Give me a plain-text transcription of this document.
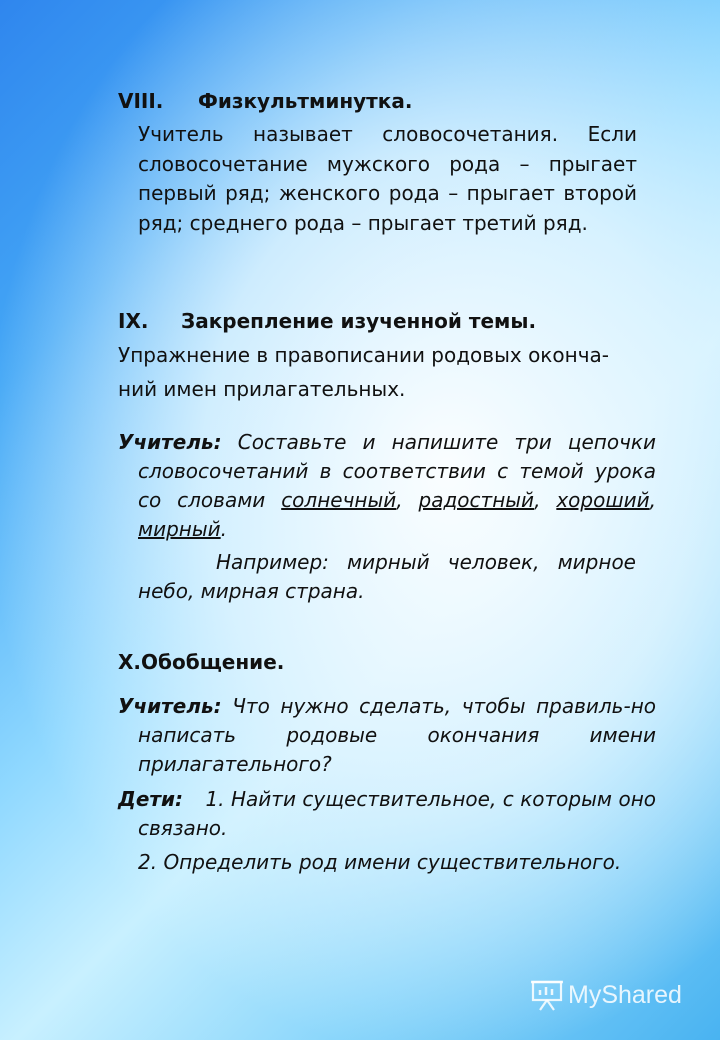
VIII. Физкультминутка.

Учитель называет словосочетания. Если словосочетание мужского рода – прыгает первый ряд; женского рода – прыгает второй ряд; среднего рода – прыгает третий ряд.

IX. Закрепление изученной темы.
Упражнение в правописании родовых оконча-
ний имен прилагательных.
Учитель: Составьте и напишите три цепочки словосочетаний в соответствии с темой урока со словами солнечный, радостный, хороший, мирный.

Например: мирный человек, мирное небо, мирная страна.

X.Обобщение.
Учитель: Что нужно сделать, чтобы правиль-но написать родовые окончания имени прилагательного?
Дети: 1. Найти существительное, с которым оно связано.

2. Определить род имени существительного.

MyShared
